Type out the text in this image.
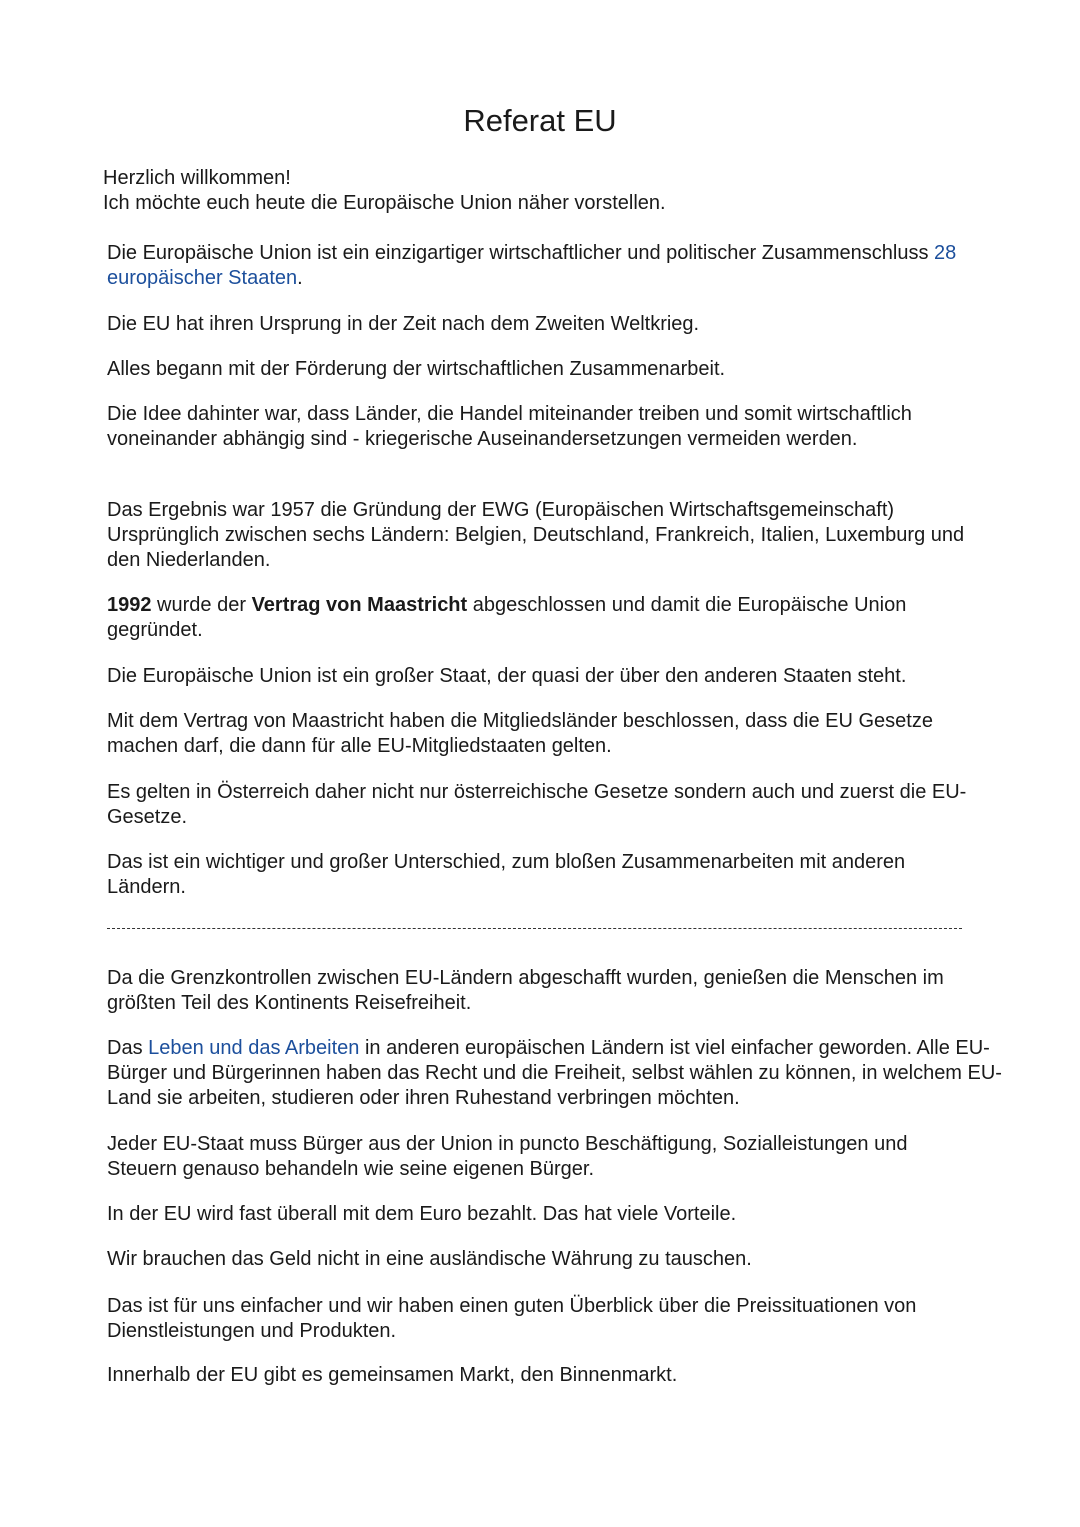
Referat EU
Herzlich willkommen!
Ich möchte euch heute die Europäische Union näher vorstellen.

Die Europäische Union ist ein einzigartiger wirtschaftlicher und politischer Zusammenschluss 28 europäischer Staaten.

Die EU hat ihren Ursprung in der Zeit nach dem Zweiten Weltkrieg.

Alles begann mit der Förderung der wirtschaftlichen Zusammenarbeit.

Die Idee dahinter war, dass Länder, die Handel miteinander treiben und somit wirtschaftlich voneinander abhängig sind - kriegerische Auseinandersetzungen vermeiden werden.

Das Ergebnis war 1957 die Gründung der EWG (Europäischen Wirtschaftsgemeinschaft) Ursprünglich zwischen sechs Ländern: Belgien, Deutschland, Frankreich, Italien, Luxemburg und den Niederlanden.

1992 wurde der Vertrag von Maastricht abgeschlossen und damit die Europäische Union gegründet.

Die Europäische Union ist ein großer Staat, der quasi der über den anderen Staaten steht.

Mit dem Vertrag von Maastricht haben die Mitgliedsländer beschlossen, dass die EU Gesetze machen darf, die dann für alle EU-Mitgliedstaaten gelten.

Es gelten in Österreich daher nicht nur österreichische Gesetze sondern auch und zuerst die EU-Gesetze.

Das ist ein wichtiger und großer Unterschied, zum bloßen Zusammenarbeiten mit anderen Ländern.

Da die Grenzkontrollen zwischen EU-Ländern abgeschafft wurden, genießen die Menschen im größten Teil des Kontinents Reisefreiheit.

Das Leben und das Arbeiten in anderen europäischen Ländern ist viel einfacher geworden. Alle EU-Bürger und Bürgerinnen haben das Recht und die Freiheit, selbst wählen zu können, in welchem EU-Land sie arbeiten, studieren oder ihren Ruhestand verbringen möchten.

Jeder EU-Staat muss Bürger aus der Union in puncto Beschäftigung, Sozialleistungen und Steuern genauso behandeln wie seine eigenen Bürger.

In der EU wird fast überall mit dem Euro bezahlt. Das hat viele Vorteile.

Wir brauchen das Geld nicht in eine ausländische Währung zu tauschen.

Das ist für uns einfacher und wir haben einen guten Überblick über die Preissituationen von Dienstleistungen und Produkten.

Innerhalb der EU gibt es gemeinsamen Markt, den Binnenmarkt.
